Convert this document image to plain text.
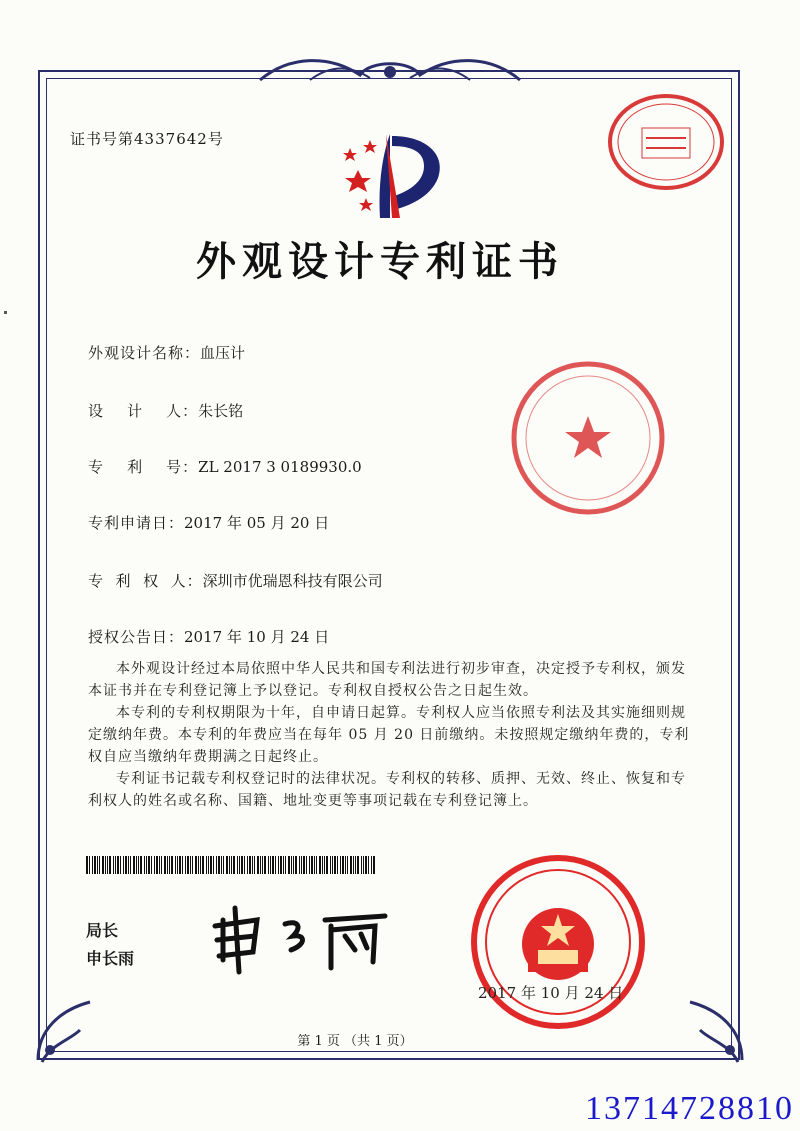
证书号第4337642号
外观设计专利证书
外观设计名称：血压计
设    计    人：朱长铭
专    利    号：ZL 2017 3 0189930.0
专利申请日：2017 年 05 月 20 日
专  利  权  人：深圳市优瑞恩科技有限公司
授权公告日：2017 年 10 月 24 日

本外观设计经过本局依照中华人民共和国专利法进行初步审查，决定授予专利权，颁发本证书并在专利登记簿上予以登记。专利权自授权公告之日起生效。

本专利的专利权期限为十年，自申请日起算。专利权人应当依照专利法及其实施细则规定缴纳年费。本专利的年费应当在每年 05 月 20 日前缴纳。未按照规定缴纳年费的，专利权自应当缴纳年费期满之日起终止。

专利证书记载专利权登记时的法律状况。专利权的转移、质押、无效、终止、恢复和专利权人的姓名或名称、国籍、地址变更等事项记载在专利登记簿上。

局长
申长雨
2017 年 10 月 24 日
第 1 页 （共 1 页）
13714728810
